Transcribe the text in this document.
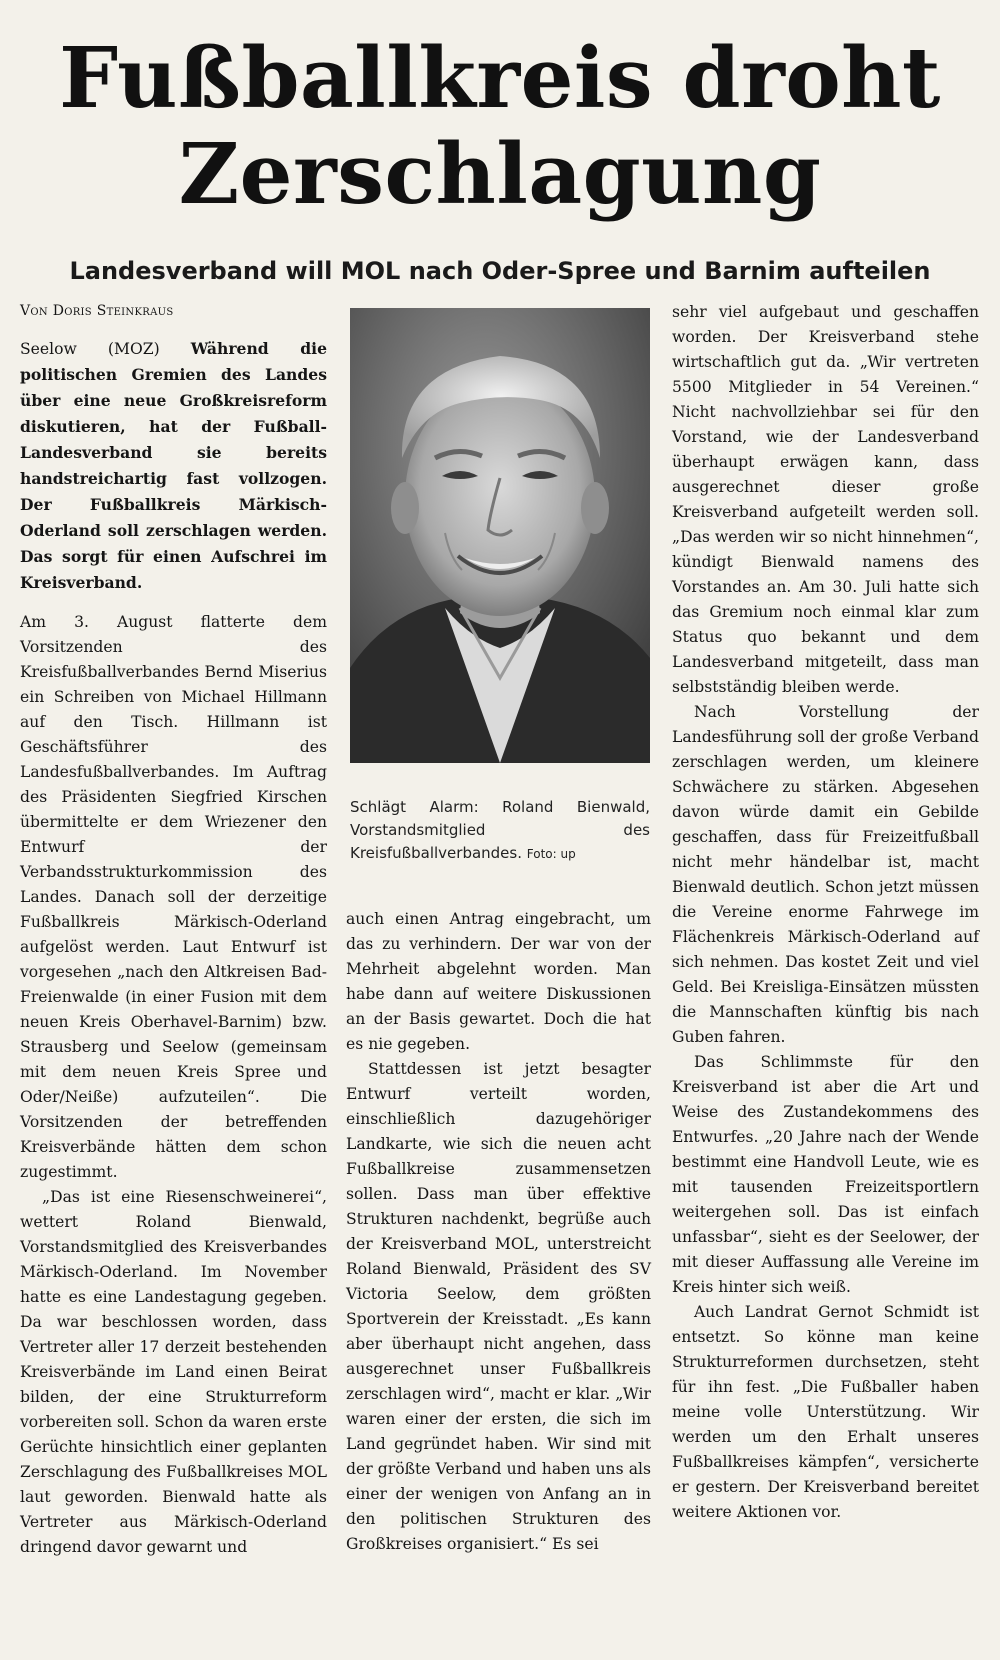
Fußballkreis droht
Zerschlagung
Landesverband will MOL nach Oder-Spree und Barnim aufteilen
Von Doris Steinkraus

Seelow (MOZ) Während die politischen Gremien des Landes über eine neue Großkreisreform diskutieren, hat der Fußball-Landesverband sie bereits handstreichartig fast vollzogen. Der Fußballkreis Märkisch-Oderland soll zerschlagen werden. Das sorgt für einen Aufschrei im Kreisverband.

Am 3. August flatterte dem Vorsitzenden des Kreisfußballverbandes Bernd Miserius ein Schreiben von Michael Hillmann auf den Tisch. Hillmann ist Geschäftsführer des Landesfußballverbandes. Im Auftrag des Präsidenten Siegfried Kirschen übermittelte er dem Wriezener den Entwurf der Verbandsstrukturkommission des Landes. Danach soll der derzeitige Fußballkreis Märkisch-Oderland aufgelöst werden. Laut Entwurf ist vorgesehen „nach den Altkreisen Bad-Freienwalde (in einer Fusion mit dem neuen Kreis Oberhavel-Barnim) bzw. Strausberg und Seelow (gemeinsam mit dem neuen Kreis Spree und Oder/Neiße) aufzuteilen“. Die Vorsitzenden der betreffenden Kreisverbände hätten dem schon zugestimmt.

„Das ist eine Riesenschweinerei“, wettert Roland Bienwald, Vorstandsmitglied des Kreisverbandes Märkisch-Oderland. Im November hatte es eine Landestagung gegeben. Da war beschlossen worden, dass Vertreter aller 17 derzeit bestehenden Kreisverbände im Land einen Beirat bilden, der eine Strukturreform vorbereiten soll. Schon da waren erste Gerüchte hinsichtlich einer geplanten Zerschlagung des Fußballkreises MOL laut geworden. Bienwald hatte als Vertreter aus Märkisch-Oderland dringend davor gewarnt und

Schlägt Alarm: Roland Bienwald, Vorstandsmitglied des Kreisfußballverbandes. Foto: up

auch einen Antrag eingebracht, um das zu verhindern. Der war von der Mehrheit abgelehnt worden. Man habe dann auf weitere Diskussionen an der Basis gewartet. Doch die hat es nie gegeben.

Stattdessen ist jetzt besagter Entwurf verteilt worden, einschließlich dazugehöriger Landkarte, wie sich die neuen acht Fußballkreise zusammensetzen sollen. Dass man über effektive Strukturen nachdenkt, begrüße auch der Kreisverband MOL, unterstreicht Roland Bienwald, Präsident des SV Victoria Seelow, dem größten Sportverein der Kreisstadt. „Es kann aber überhaupt nicht angehen, dass ausgerechnet unser Fußballkreis zerschlagen wird“, macht er klar. „Wir waren einer der ersten, die sich im Land gegründet haben. Wir sind mit der größte Verband und haben uns als einer der wenigen von Anfang an in den politischen Strukturen des Großkreises organisiert.“ Es sei

sehr viel aufgebaut und geschaffen worden. Der Kreisverband stehe wirtschaftlich gut da. „Wir vertreten 5500 Mitglieder in 54 Vereinen.“ Nicht nachvollziehbar sei für den Vorstand, wie der Landesverband überhaupt erwägen kann, dass ausgerechnet dieser große Kreisverband aufgeteilt werden soll. „Das werden wir so nicht hinnehmen“, kündigt Bienwald namens des Vorstandes an. Am 30. Juli hatte sich das Gremium noch einmal klar zum Status quo bekannt und dem Landesverband mitgeteilt, dass man selbstständig bleiben werde.

Nach Vorstellung der Landesführung soll der große Verband zerschlagen werden, um kleinere Schwächere zu stärken. Abgesehen davon würde damit ein Gebilde geschaffen, dass für Freizeitfußball nicht mehr händelbar ist, macht Bienwald deutlich. Schon jetzt müssen die Vereine enorme Fahrwege im Flächenkreis Märkisch-Oderland auf sich nehmen. Das kostet Zeit und viel Geld. Bei Kreisliga-Einsätzen müssten die Mannschaften künftig bis nach Guben fahren.

Das Schlimmste für den Kreisverband ist aber die Art und Weise des Zustandekommens des Entwurfes. „20 Jahre nach der Wende bestimmt eine Handvoll Leute, wie es mit tausenden Freizeitsportlern weitergehen soll. Das ist einfach unfassbar“, sieht es der Seelower, der mit dieser Auffassung alle Vereine im Kreis hinter sich weiß.

Auch Landrat Gernot Schmidt ist entsetzt. So könne man keine Strukturreformen durchsetzen, steht für ihn fest. „Die Fußballer haben meine volle Unterstützung. Wir werden um den Erhalt unseres Fußballkreises kämpfen“, versicherte er gestern. Der Kreisverband bereitet weitere Aktionen vor.
